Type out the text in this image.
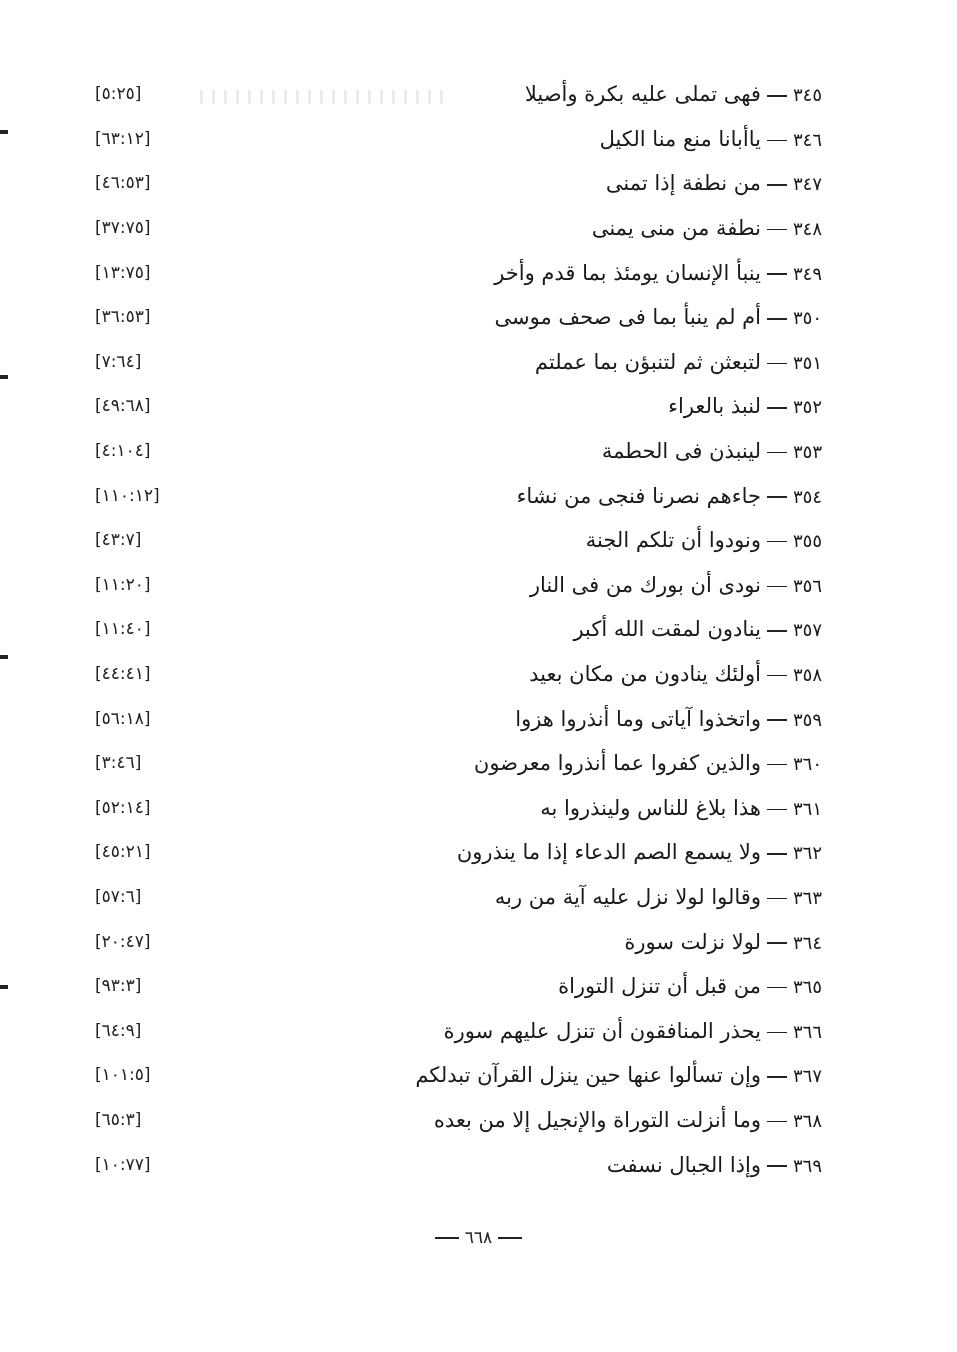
[٥:٢٥]	٣٤٥فهى تملى عليه بكرة وأصيلا
[٦٣:١٢]	٣٤٦ياأبانا منع منا الكيل
[٤٦:٥٣]	٣٤٧من نطفة إذا تمنى
[٣٧:٧٥]	٣٤٨نطفة من منى يمنى
[١٣:٧٥]	٣٤٩ينبأ الإنسان يومئذ بما قدم وأخر
[٣٦:٥٣]	٣٥٠أم لم ينبأ بما فى صحف موسى
[٧:٦٤]	٣٥١لتبعثن ثم لتنبؤن بما عملتم
[٤٩:٦٨]	٣٥٢لنبذ بالعراء
[٤:١٠٤]	٣٥٣لينبذن فى الحطمة
[١١٠:١٢]	٣٥٤جاءهم نصرنا فنجى من نشاء
[٤٣:٧]	٣٥٥ونودوا أن تلكم الجنة
[١١:٢٠]	٣٥٦نودى أن بورك من فى النار
[١١:٤٠]	٣٥٧ينادون لمقت الله أكبر
[٤٤:٤١]	٣٥٨أولئك ينادون من مكان بعيد
[٥٦:١٨]	٣٥٩واتخذوا آياتى وما أنذروا هزوا
[٣:٤٦]	٣٦٠والذين كفروا عما أنذروا معرضون
[٥٢:١٤]	٣٦١هذا بلاغ للناس ولينذروا به
[٤٥:٢١]	٣٦٢ولا يسمع الصم الدعاء إذا ما ينذرون
[٥٧:٦]	٣٦٣وقالوا لولا نزل عليه آية من ربه
[٢٠:٤٧]	٣٦٤لولا نزلت سورة
[٩٣:٣]	٣٦٥من قبل أن تنزل التوراة
[٦٤:٩]	٣٦٦يحذر المنافقون أن تنزل عليهم سورة
[١٠١:٥]	٣٦٧وإن تسألوا عنها حين ينزل القرآن تبدلكم
[٦٥:٣]	٣٦٨وما أنزلت التوراة والإنجيل إلا من بعده
[١٠:٧٧]	٣٦٩وإذا الجبال نسفت
٦٦٨
